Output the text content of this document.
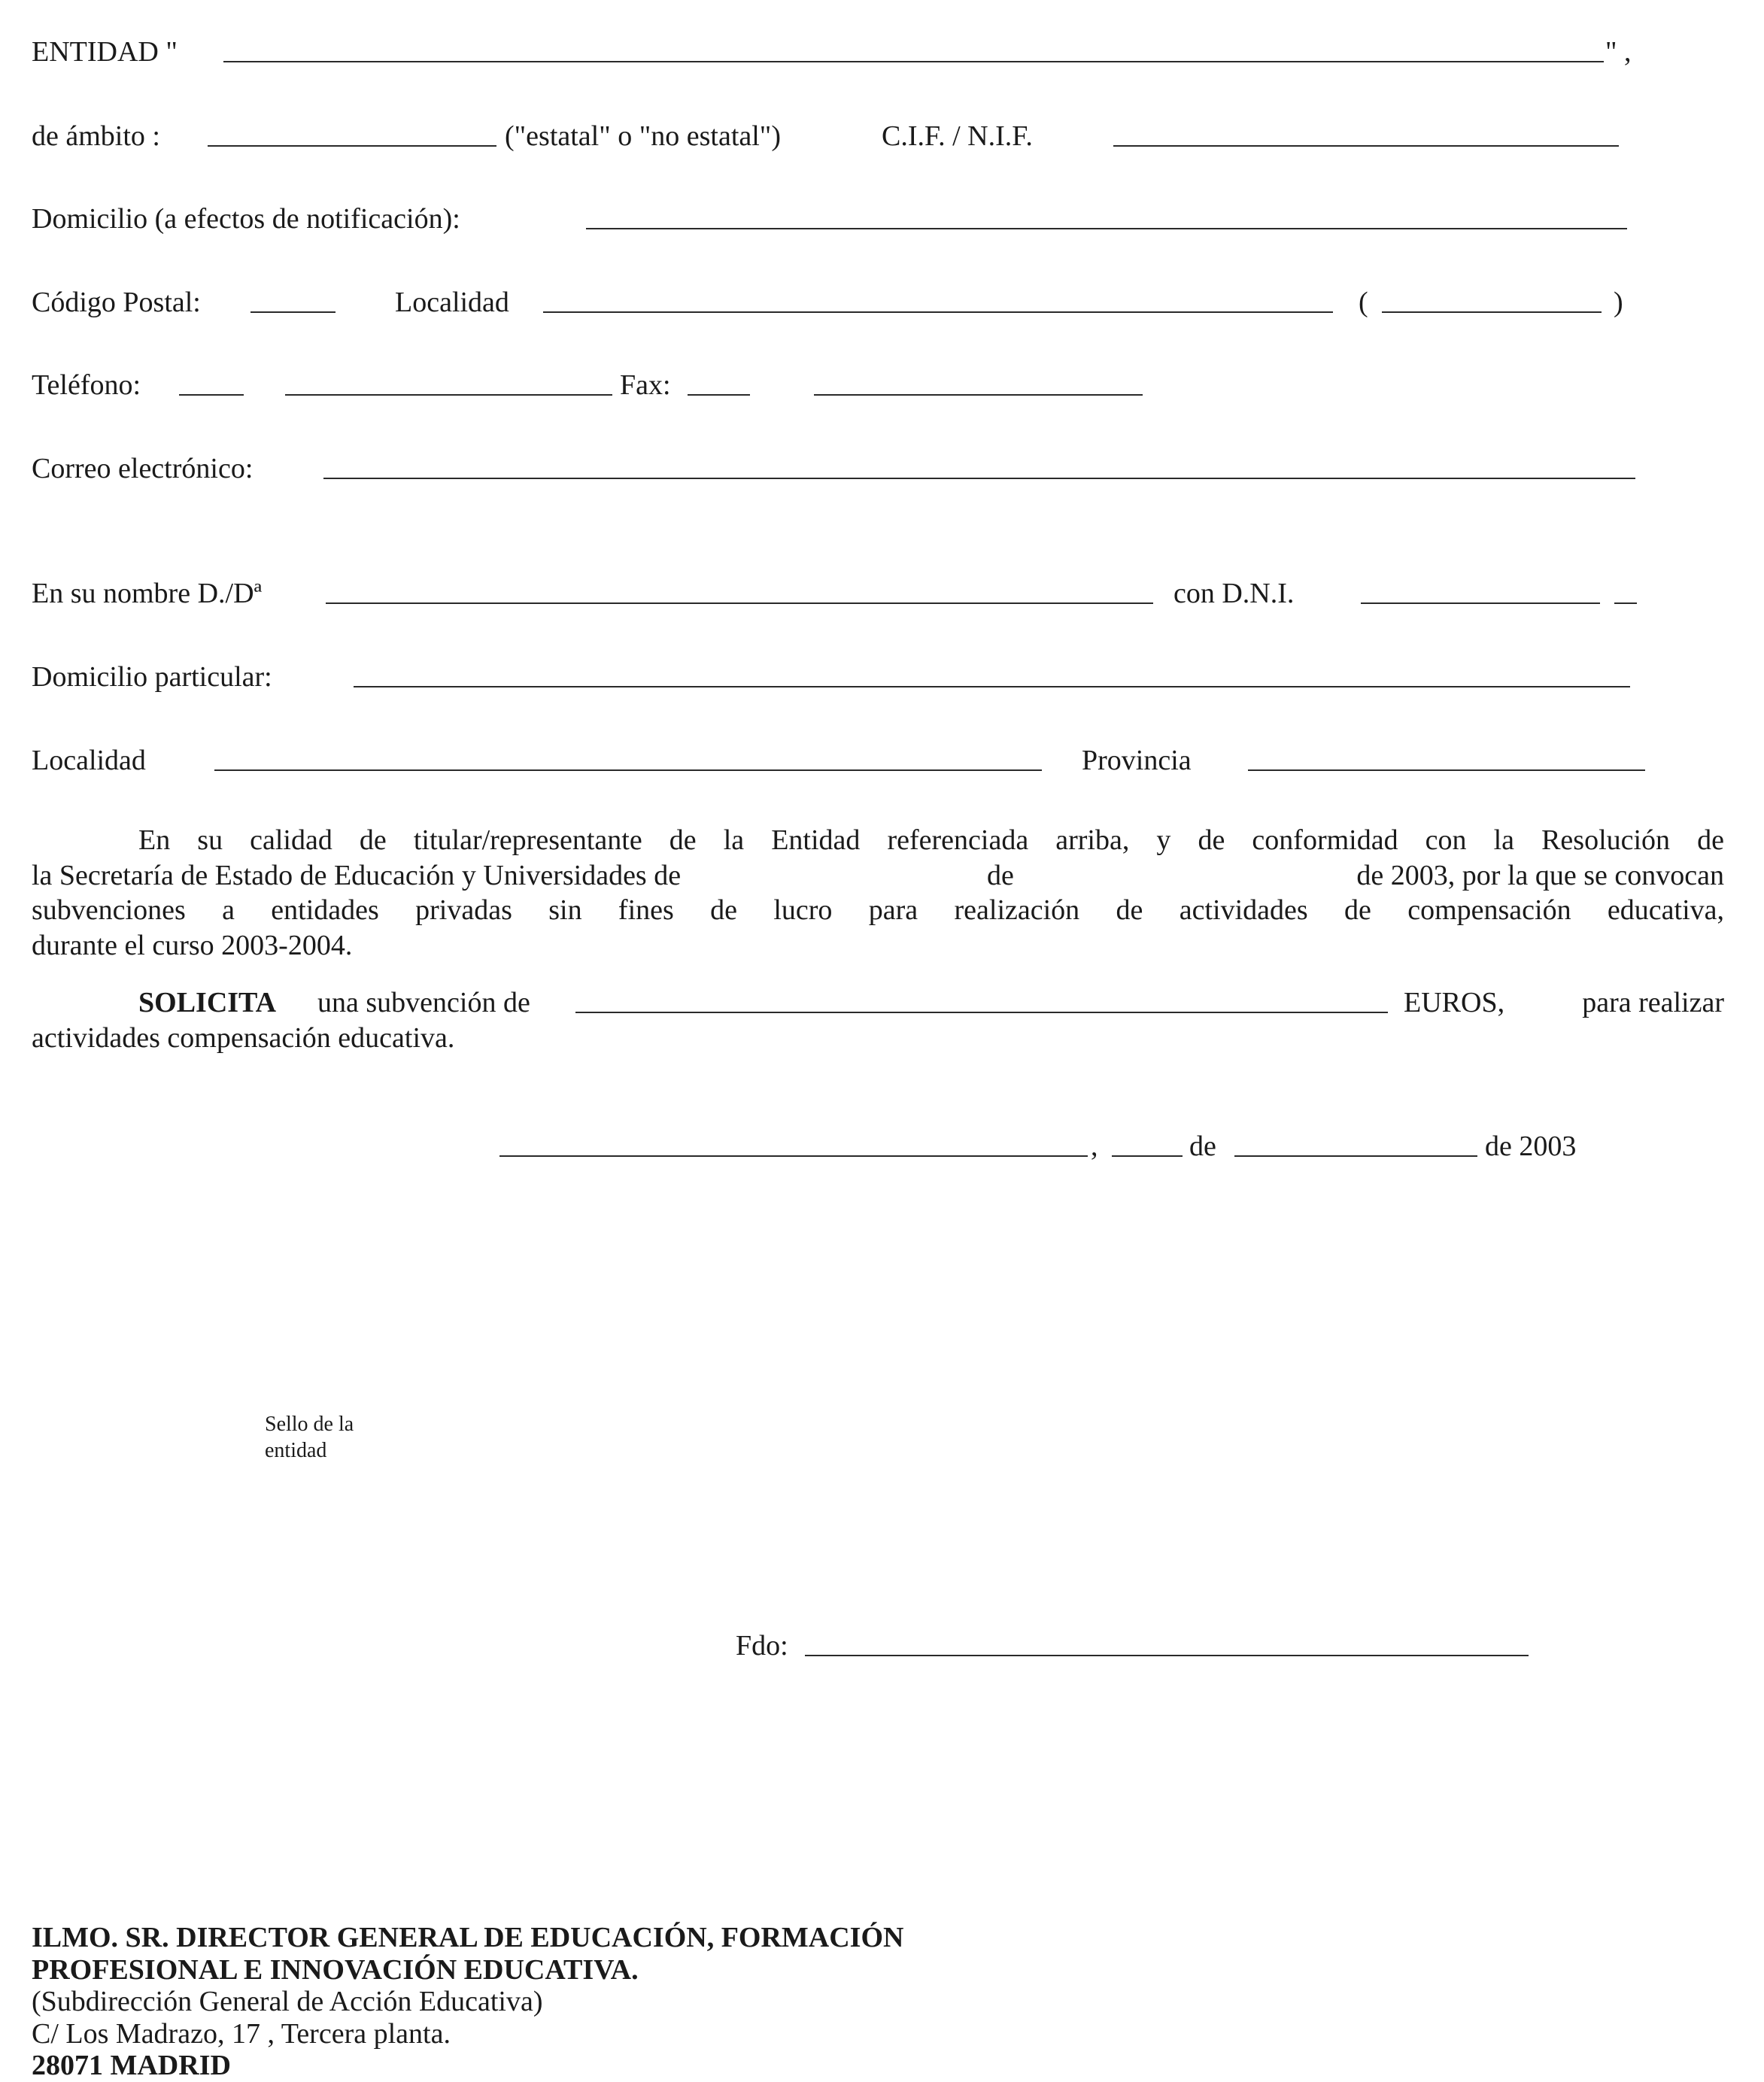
ENTIDAD "	" ,
de ámbito :	("estatal" o "no estatal")	C.I.F. / N.I.F.
Domicilio (a efectos de notificación):
Código Postal:	Localidad	(	)
Teléfono:	Fax:
Correo electrónico:
En su nombre D./Dª	con D.N.I.
Domicilio particular:
Localidad	Provincia
En su calidad de titular/representante de la Entidad referenciada arriba, y de conformidad con la Resolución de
la Secretaría de Estado de Educación y Universidades de	de	de 2003, por la que se convocan
subvenciones a entidades privadas sin fines de lucro para realización de actividades de compensación educativa,
durante el curso 2003-2004.
SOLICITA una subvención de	EUROS,	para realizar
actividades compensación educativa.
,	de	de 2003
Sello de la
entidad
Fdo:
ILMO. SR. DIRECTOR GENERAL DE EDUCACIÓN, FORMACIÓN
PROFESIONAL E INNOVACIÓN EDUCATIVA.
(Subdirección General de Acción Educativa)
C/ Los Madrazo, 17 , Tercera planta.
28071 MADRID
